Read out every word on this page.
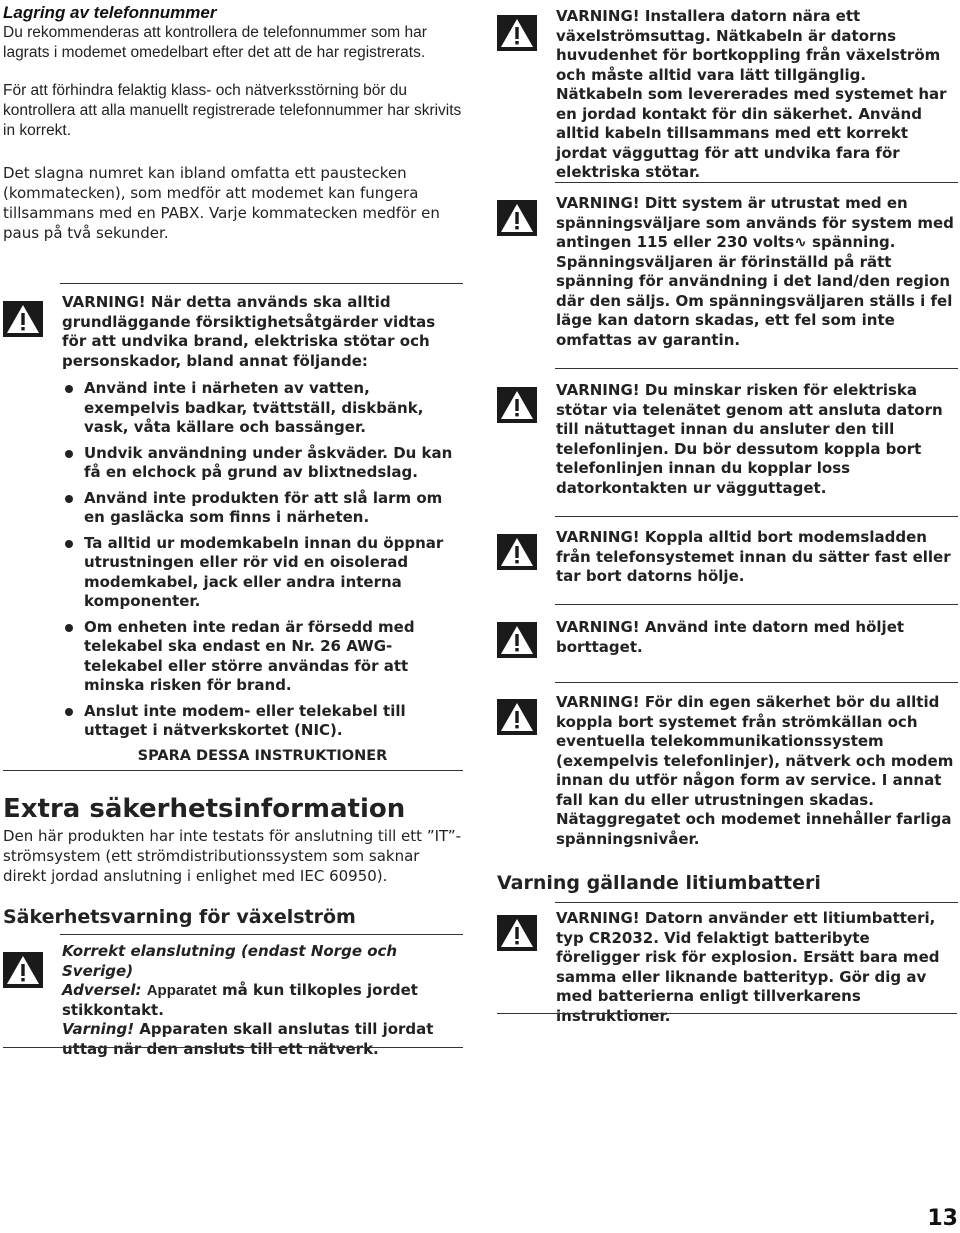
Lagring av telefonnummer

Du rekommenderas att kontrollera de telefonnummer som har lagrats i modemet omedelbart efter det att de har registrerats.

För att förhindra felaktig klass- och nätverksstörning bör du kontrollera att alla manuellt registrerade telefonnummer har skrivits in korrekt.

Det slagna numret kan ibland omfatta ett paustecken (kommatecken), som medför att modemet kan fungera tillsammans med en PABX. Varje kommatecken medför en paus på två sekunder.

VARNING! När detta används ska alltid grundläggande försiktighetsåtgärder vidtas för att undvika brand, elektriska stötar och personskador, bland annat följande:
Använd inte i närheten av vatten, exempelvis badkar, tvättställ, diskbänk, vask, våta källare och bassänger.
Undvik användning under åskväder. Du kan få en elchock på grund av blixtnedslag.
Använd inte produkten för att slå larm om en gasläcka som finns i närheten.
Ta alltid ur modemkabeln innan du öppnar utrustningen eller rör vid en oisolerad modemkabel, jack eller andra interna komponenter.
Om enheten inte redan är försedd med telekabel ska endast en Nr. 26 AWG-telekabel eller större användas för att minska risken för brand.
Anslut inte modem- eller telekabel till uttaget i nätverkskortet (NIC).
SPARA DESSA INSTRUKTIONER
Extra säkerhetsinformation

Den här produkten har inte testats för anslutning till ett ”IT”-strömsystem (ett strömdistributionssystem som saknar direkt jordad anslutning i enlighet med IEC 60950).

Säkerhetsvarning för växelström
Korrekt elanslutning (endast Norge och Sverige)
Adversel: Apparatet må kun tilkoples jordet stikkontakt.
Varning! Apparaten skall anslutas till jordat uttag när den ansluts till ett nätverk.
VARNING! Installera datorn nära ett växelströmsuttag. Nätkabeln är datorns huvudenhet för bortkoppling från växelström och måste alltid vara lätt tillgänglig. Nätkabeln som levererades med systemet har en jordad kontakt för din säkerhet. Använd alltid kabeln tillsammans med ett korrekt jordat vägguttag för att undvika fara för elektriska stötar.
VARNING! Ditt system är utrustat med en spänningsväljare som används för system med antingen 115 eller 230 volts∿ spänning. Spänningsväljaren är förinställd på rätt spänning för användning i det land/den region där den säljs. Om spänningsväljaren ställs i fel läge kan datorn skadas, ett fel som inte omfattas av garantin.
VARNING! Du minskar risken för elektriska stötar via telenätet genom att ansluta datorn till nätuttaget innan du ansluter den till telefonlinjen. Du bör dessutom koppla bort telefonlinjen innan du kopplar loss datorkontakten ur vägguttaget.
VARNING! Koppla alltid bort modemsladden från telefonsystemet innan du sätter fast eller tar bort datorns hölje.
VARNING! Använd inte datorn med höljet borttaget.
VARNING! För din egen säkerhet bör du alltid koppla bort systemet från strömkällan och eventuella telekommunikationssystem (exempelvis telefonlinjer), nätverk och modem innan du utför någon form av service. I annat fall kan du eller utrustningen skadas. Nätaggregatet och modemet innehåller farliga spänningsnivåer.
Varning gällande litiumbatteri
VARNING! Datorn använder ett litiumbatteri, typ CR2032. Vid felaktigt batteribyte föreligger risk för explosion. Ersätt bara med samma eller liknande batterityp. Gör dig av med batterierna enligt tillverkarens instruktioner.
13
